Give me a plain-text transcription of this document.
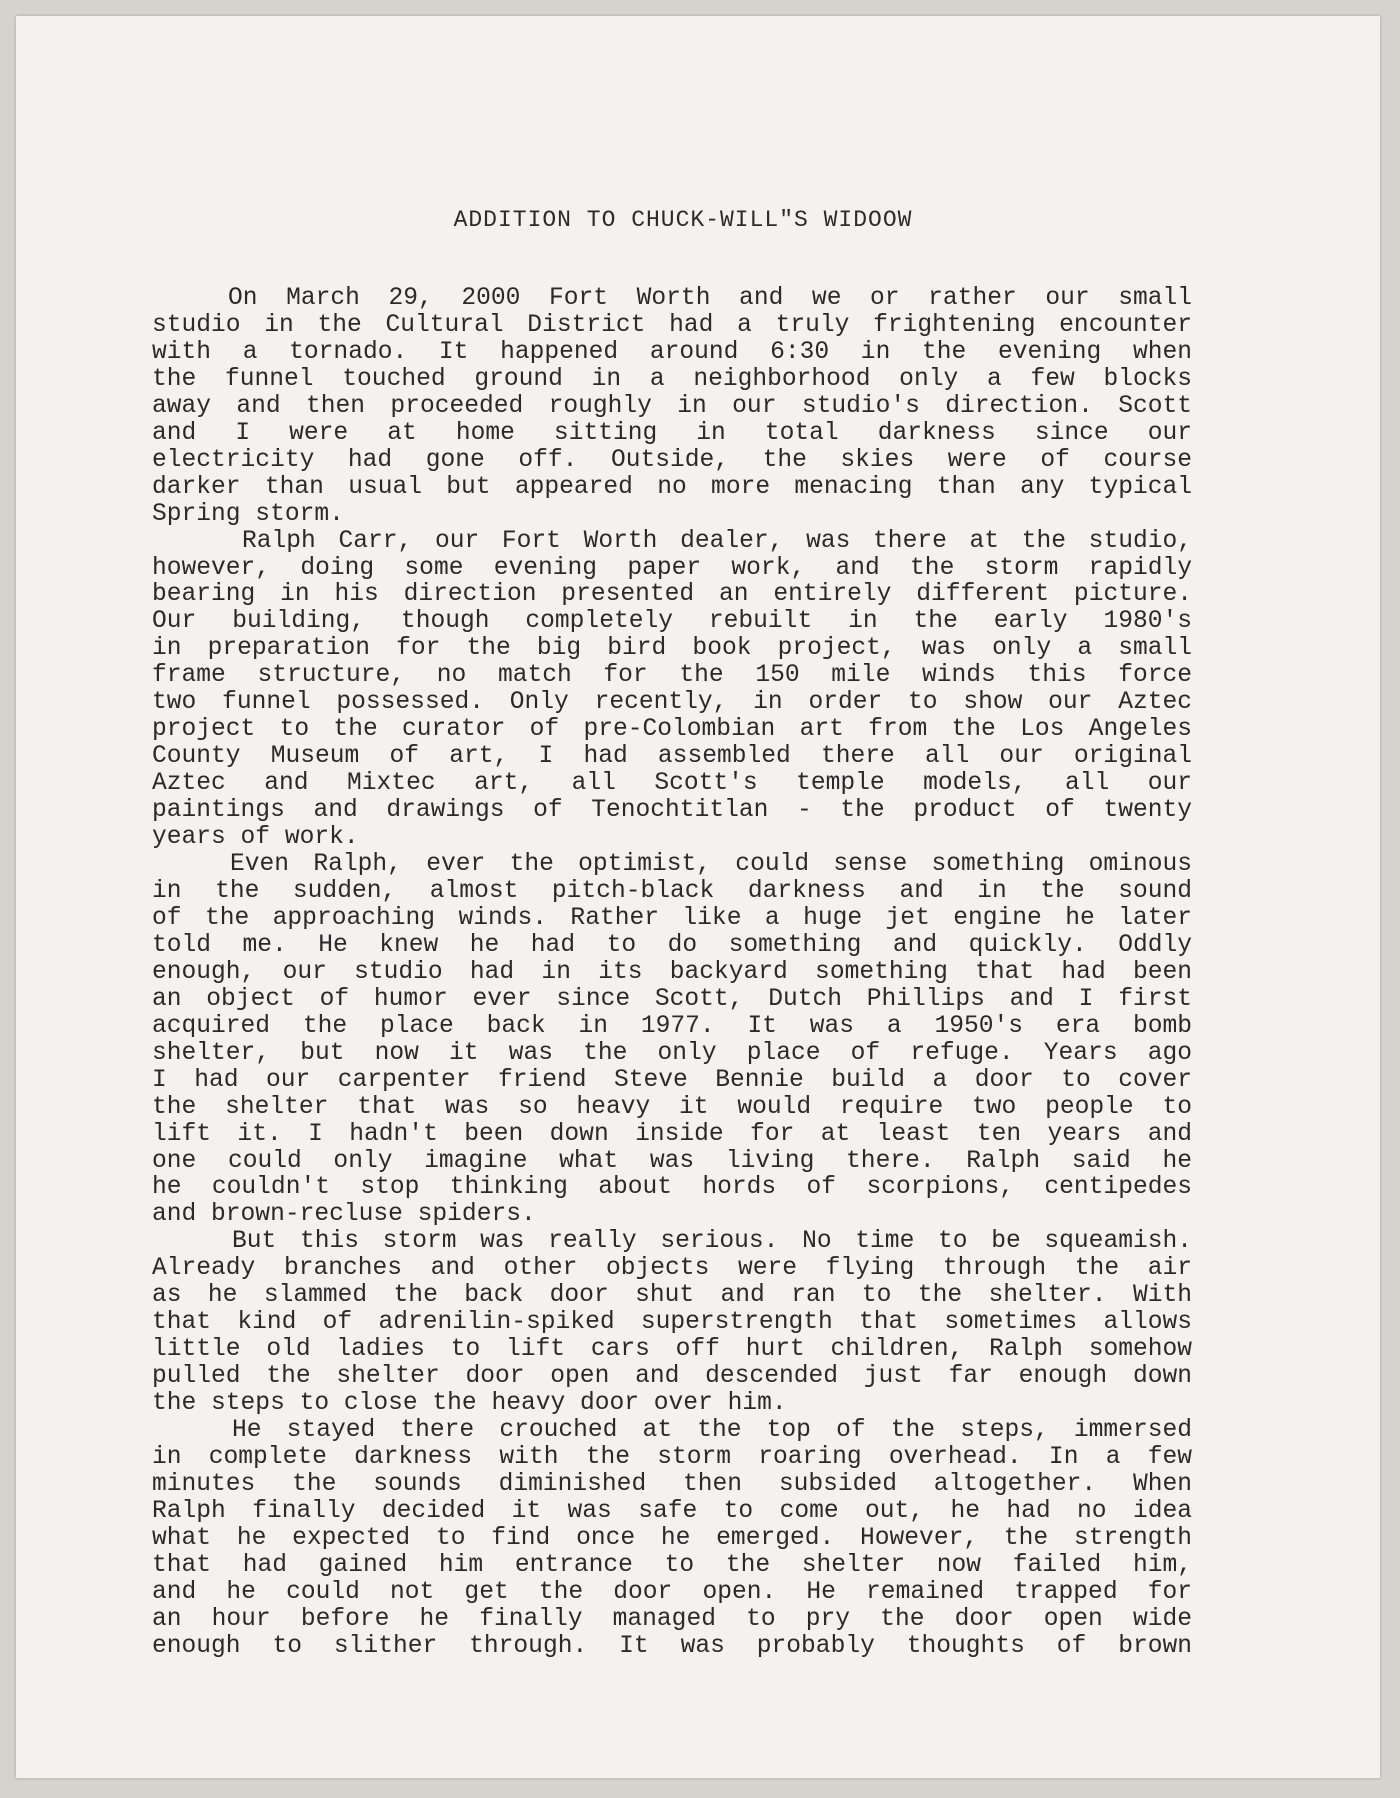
ADDITION TO CHUCK-WILL"S WIDOOW
On March 29, 2000 Fort Worth and we or rather our small
studio in the Cultural District had a truly frightening encounter
with a tornado. It happened around 6:30 in the evening when
the funnel touched ground in a neighborhood only a few blocks
away and then proceeded roughly in our studio's direction. Scott
and I were at home sitting in total darkness since our
electricity had gone off. Outside, the skies were of course
darker than usual but appeared no more menacing than any typical
Spring storm.
Ralph Carr, our Fort Worth dealer, was there at the studio,
however, doing some evening paper work, and the storm rapidly
bearing in his direction presented an entirely different picture.
Our building, though completely rebuilt in the early 1980's
in preparation for the big bird book project, was only a small
frame structure, no match for the 150 mile winds this force
two funnel possessed. Only recently, in order to show our Aztec
project to the curator of pre-Colombian art from the Los Angeles
County Museum of art, I had assembled there all our original
Aztec and Mixtec art, all Scott's temple models, all our
paintings and drawings of Tenochtitlan - the product of twenty
years of work.
Even Ralph, ever the optimist, could sense something ominous
in the sudden, almost pitch-black darkness and in the sound
of the approaching winds. Rather like a huge jet engine he later
told me. He knew he had to do something and quickly. Oddly
enough, our studio had in its backyard something that had been
an object of humor ever since Scott, Dutch Phillips and I first
acquired the place back in 1977. It was a 1950's era bomb
shelter, but now it was the only place of refuge. Years ago
I had our carpenter friend Steve Bennie build a door to cover
the shelter that was so heavy it would require two people to
lift it. I hadn't been down inside for at least ten years and
one could only imagine what was living there. Ralph said he
he couldn't stop thinking about hords of scorpions, centipedes
and brown-recluse spiders.
But this storm was really serious. No time to be squeamish.
Already branches and other objects were flying through the air
as he slammed the back door shut and ran to the shelter. With
that kind of adrenilin-spiked superstrength that sometimes allows
little old ladies to lift cars off hurt children, Ralph somehow
pulled the shelter door open and descended just far enough down
the steps to close the heavy door over him.
He stayed there crouched at the top of the steps, immersed
in complete darkness with the storm roaring overhead. In a few
minutes the sounds diminished then subsided altogether. When
Ralph finally decided it was safe to come out, he had no idea
what he expected to find once he emerged. However, the strength
that had gained him entrance to the shelter now failed him,
and he could not get the door open. He remained trapped for
an hour before he finally managed to pry the door open wide
enough to slither through. It was probably thoughts of brown
